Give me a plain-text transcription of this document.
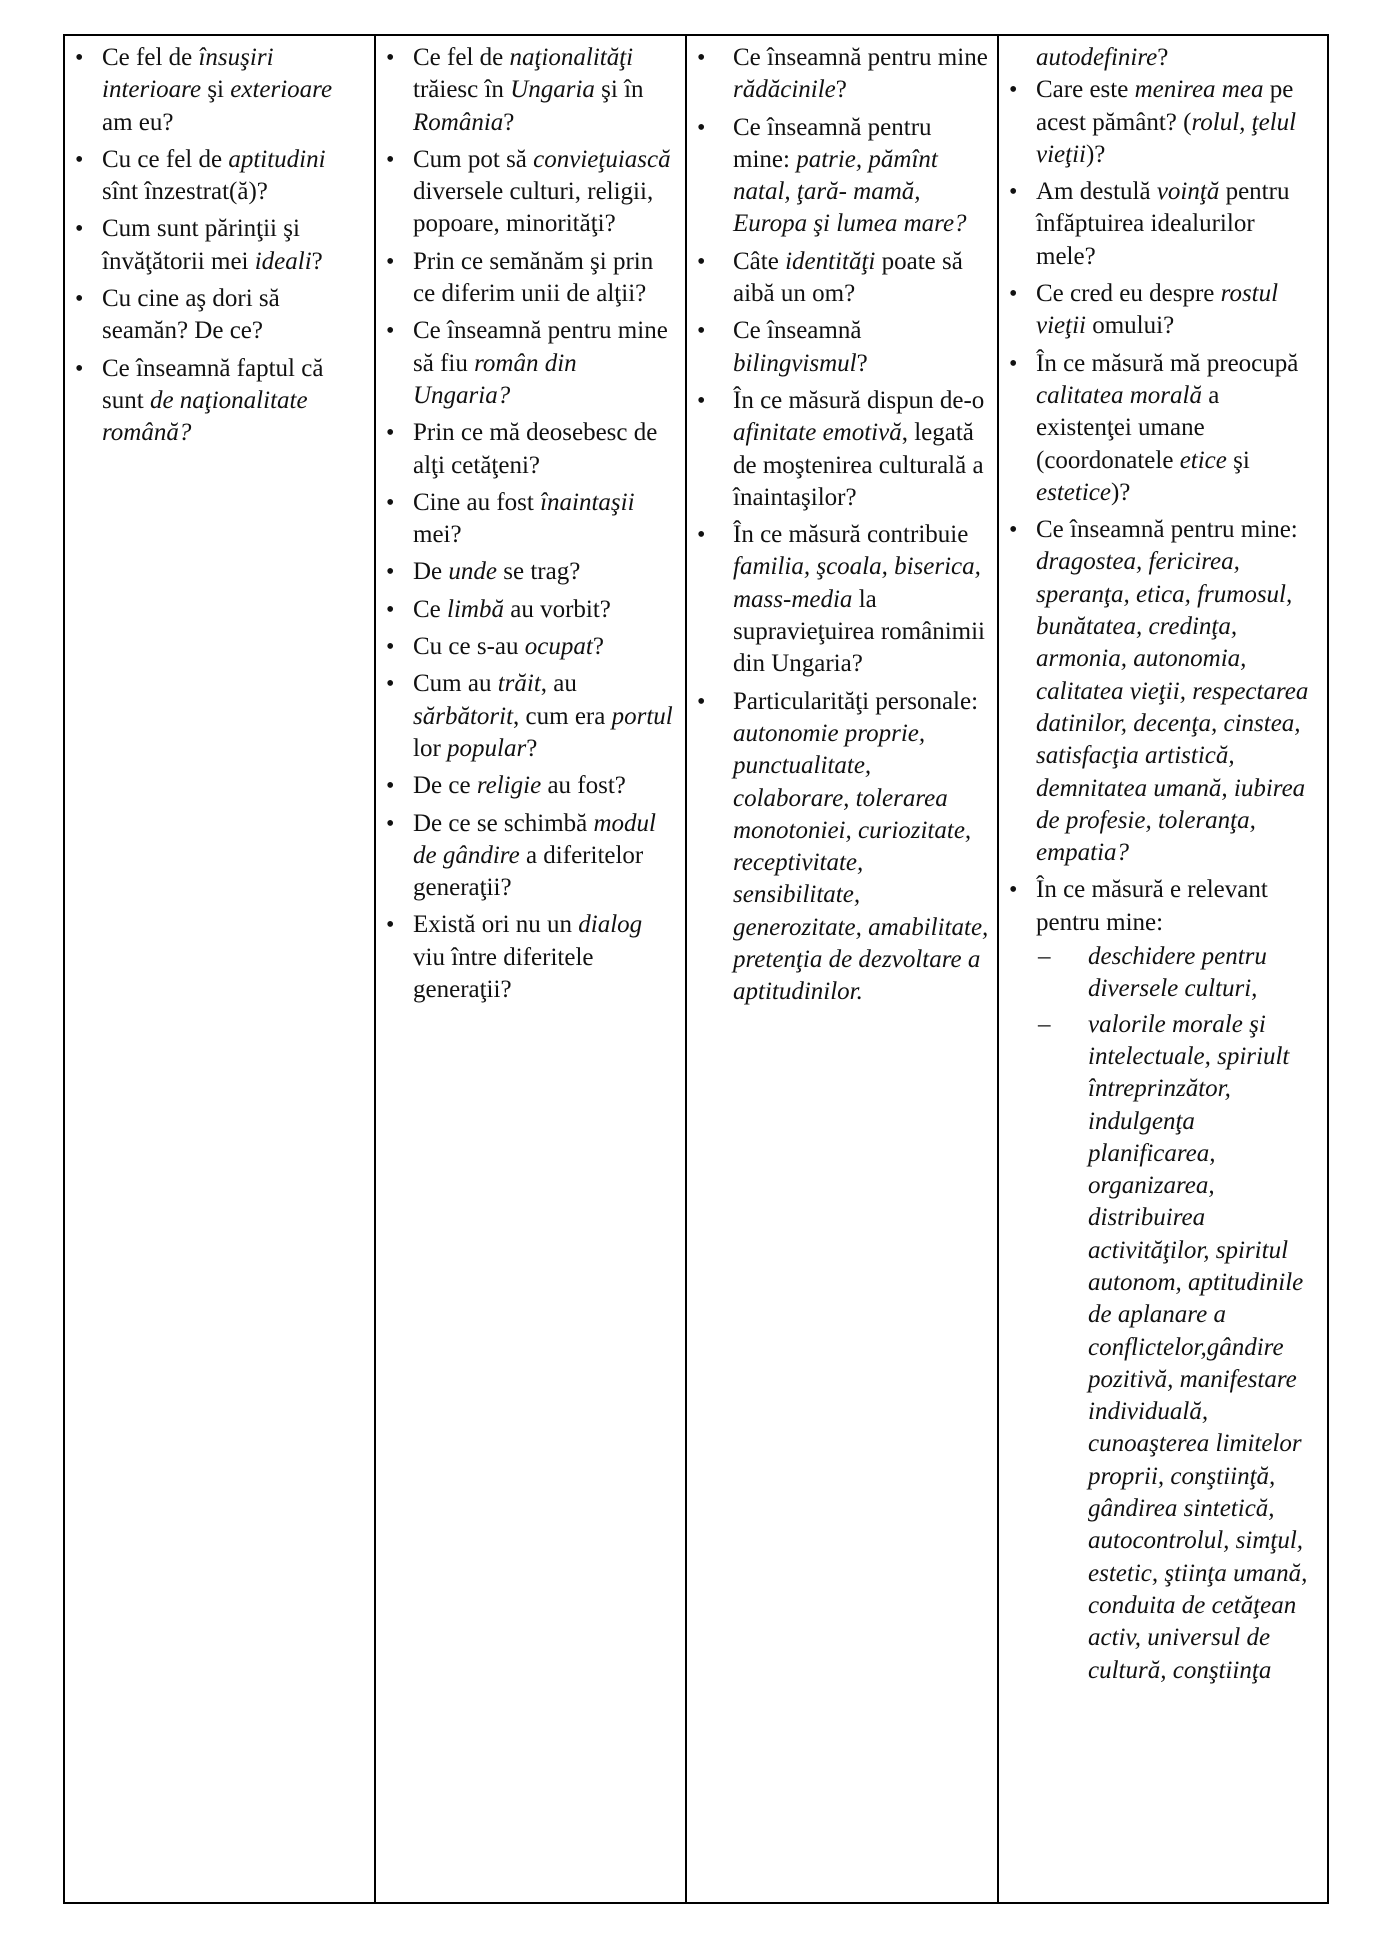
• Ce fel de însuşiri interioare şi exterioare am eu?
• Cu ce fel de aptitudini sînt înzestrat(ă)?
• Cum sunt părinţii şi învăţătorii mei ideali?
• Cu cine aş dori să seamăn? De ce?
• Ce înseamnă faptul că sunt de naţionalitate română?

• Ce fel de naţionalităţi trăiesc în Ungaria şi în România?
• Cum pot să convieţuiască diversele culturi, religii, popoare, minorităţi?
• Prin ce semănăm şi prin ce diferim unii de alţii?
• Ce înseamnă pentru mine să fiu român din Ungaria?
• Prin ce mă deosebesc de alţi cetăţeni?
• Cine au fost înaintaşii mei?
• De unde se trag?
• Ce limbă au vorbit?
• Cu ce s-au ocupat?
• Cum au trăit, au sărbătorit, cum era portul lor popular?
• De ce religie au fost?
• De ce se schimbă modul de gândire a diferitelor generaţii?
• Există ori nu un dialog viu între diferitele generaţii?

• Ce înseamnă pentru mine rădăcinile?
• Ce înseamnă pentru mine: patrie, pămînt natal, ţară- mamă, Europa şi lumea mare?
• Câte identităţi poate să aibă un om?
• Ce înseamnă bilingvismul?
• În ce măsură dispun de-o afinitate emotivă, legată de moştenirea culturală a înaintaşilor?
• În ce măsură contribuie familia, şcoala, biserica, mass-media la supravieţuirea românimii din Ungaria?
• Particularităţi personale: autonomie proprie, punctualitate, colaborare, tolerarea monotoniei, curiozitate, receptivitate, sensibilitate, generozitate, amabilitate, pretenţia de dezvoltare a aptitudinilor.

autodefinire?
• Care este menirea mea pe acest pământ? (rolul, ţelul vieţii)?
• Am destulă voinţă pentru înfăptuirea idealurilor mele?
• Ce cred eu despre rostul vieţii omului?
• În ce măsură mă preocupă calitatea morală a existenţei umane (coordonatele etice şi estetice)?
• Ce înseamnă pentru mine: dragostea, fericirea, speranţa, etica, frumosul, bunătatea, credinţa, armonia, autonomia, calitatea vieţii, respectarea datinilor, decenţa, cinstea, satisfacţia artistică, demnitatea umană, iubirea de profesie, toleranţa, empatia?
• În ce măsură e relevant pentru mine:
– deschidere pentru diversele culturi,
– valorile morale şi intelectuale, spiriult întreprinzător, indulgenţa planificarea, organizarea, distribuirea activităţilor, spiritul autonom, aptitudinile de aplanare a conflictelor,gândire pozitivă, manifestare individuală, cunoaşterea limitelor proprii, conştiinţă, gândirea sintetică, autocontrolul, simţul, estetic, ştiinţa umană, conduita de cetăţean activ, universul de cultură, conştiinţa
